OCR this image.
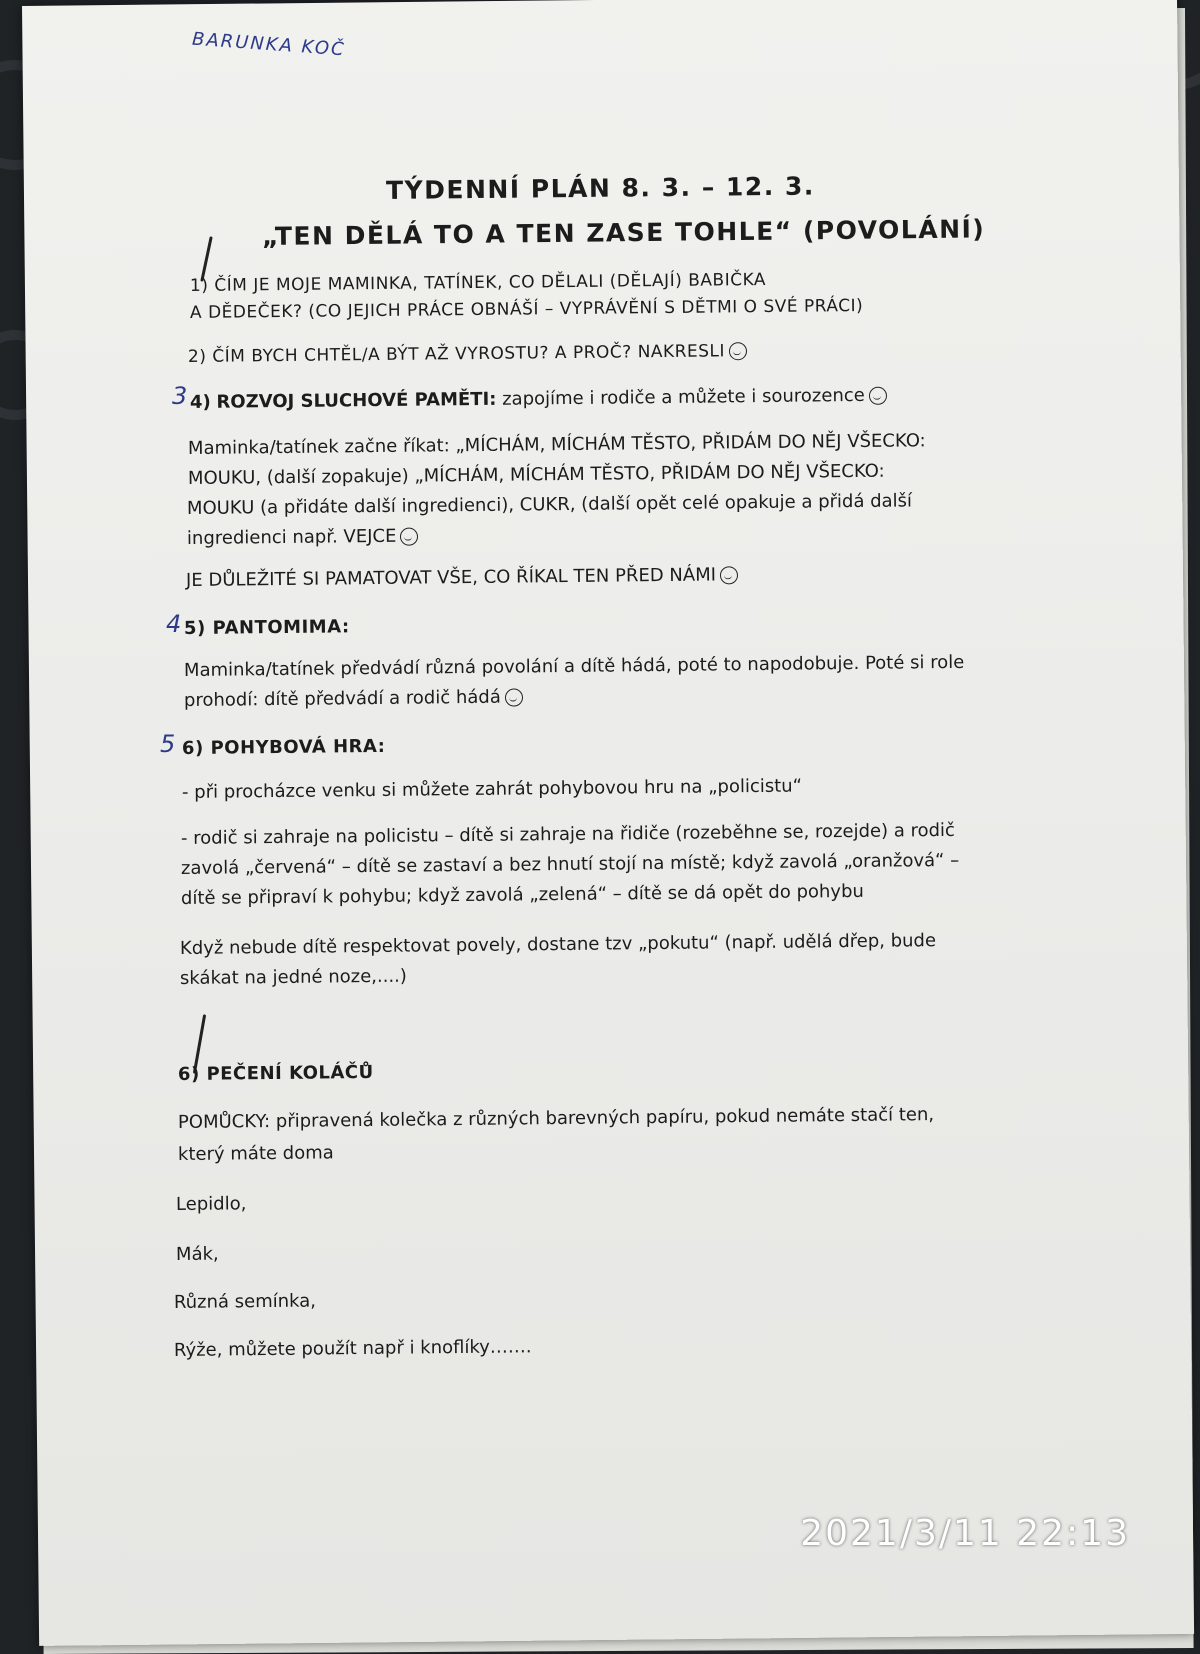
BARUNKA KOČ
TÝDENNÍ PLÁN 8. 3. – 12. 3.
„TEN DĚLÁ TO A TEN ZASE TOHLE“ (POVOLÁNÍ)
1) ČÍM JE MOJE MAMINKA, TATÍNEK, CO DĚLALI (DĚLAJÍ) BABIČKA
A DĚDEČEK? (CO JEJICH PRÁCE OBNÁŠÍ – VYPRÁVĚNÍ S DĚTMI O SVÉ PRÁCI)
2) ČÍM BYCH CHTĚL/A BÝT AŽ VYROSTU? A PROČ? NAKRESLI
3 4) ROZVOJ SLUCHOVÉ PAMĚTI: zapojíme i rodiče a můžete i sourozence
Maminka/tatínek začne říkat: „MÍCHÁM, MÍCHÁM TĚSTO, PŘIDÁM DO NĚJ VŠECKO:
MOUKU, (další zopakuje) „MÍCHÁM, MÍCHÁM TĚSTO, PŘIDÁM DO NĚJ VŠECKO:
MOUKU (a přidáte další ingredienci), CUKR, (další opět celé opakuje a přidá další
ingredienci např. VEJCE
JE DŮLEŽITÉ SI PAMATOVAT VŠE, CO ŘÍKAL TEN PŘED NÁMI
4 5) PANTOMIMA:
Maminka/tatínek předvádí různá povolání a dítě hádá, poté to napodobuje. Poté si role
prohodí: dítě předvádí a rodič hádá
5 6) POHYBOVÁ HRA:
- při procházce venku si můžete zahrát pohybovou hru na „policistu“
- rodič si zahraje na policistu – dítě si zahraje na řidiče (rozeběhne se, rozejde) a rodič
zavolá „červená“ – dítě se zastaví a bez hnutí stojí na místě; když zavolá „oranžová“ –
dítě se připraví k pohybu; když zavolá „zelená“ – dítě se dá opět do pohybu
Když nebude dítě respektovat povely, dostane tzv „pokutu“ (např. udělá dřep, bude
skákat na jedné noze,....)
6) PEČENÍ KOLÁČŮ
POMŮCKY: připravená kolečka z různých barevných papíru, pokud nemáte stačí ten,
který máte doma
Lepidlo,
Mák,
Různá semínka,
Rýže, můžete použít např i knoflíky…….
2021/3/11 22:13
